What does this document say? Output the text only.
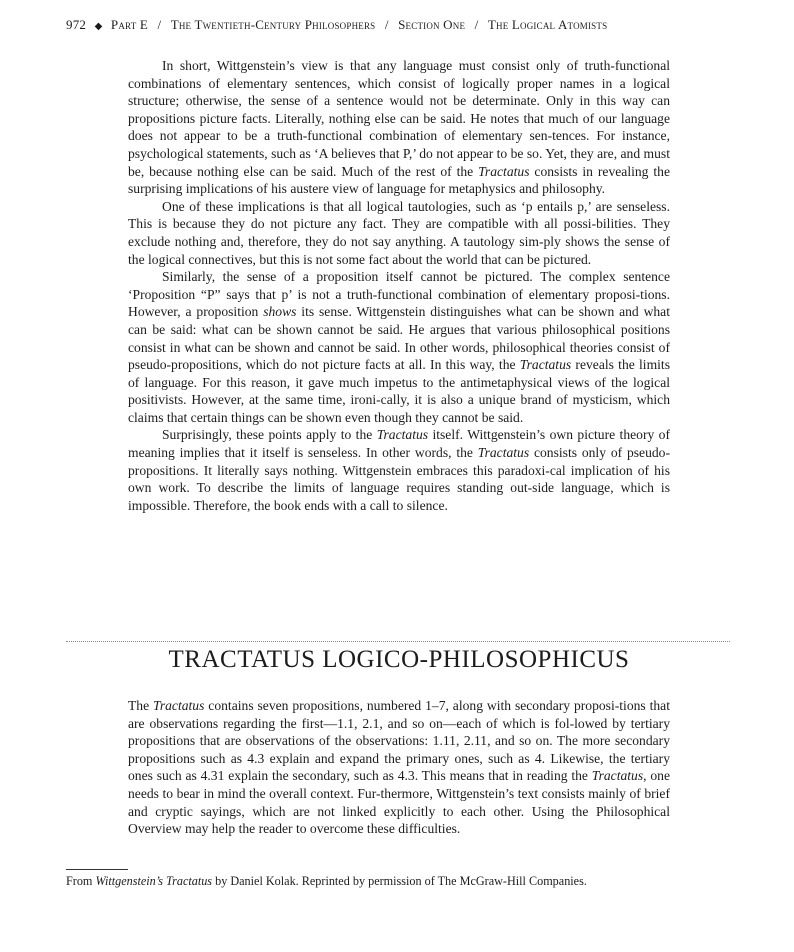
972 ◆ Part E / The Twentieth-Century Philosophers / Section One / The Logical Atomists

In short, Wittgenstein’s view is that any language must consist only of truth-functional combinations of elementary sentences, which consist of logically proper names in a logical structure; otherwise, the sense of a sentence would not be determinate. Only in this way can propositions picture facts. Literally, nothing else can be said. He notes that much of our language does not appear to be a truth-functional combination of elementary sen-tences. For instance, psychological statements, such as ‘A believes that P,’ do not appear to be so. Yet, they are, and must be, because nothing else can be said. Much of the rest of the Tractatus consists in revealing the surprising implications of his austere view of language for metaphysics and philosophy.

One of these implications is that all logical tautologies, such as ‘p entails p,’ are senseless. This is because they do not picture any fact. They are compatible with all possi-bilities. They exclude nothing and, therefore, they do not say anything. A tautology sim-ply shows the sense of the logical connectives, but this is not some fact about the world that can be pictured.

Similarly, the sense of a proposition itself cannot be pictured. The complex sentence ‘Proposition “P” says that p’ is not a truth-functional combination of elementary proposi-tions. However, a proposition shows its sense. Wittgenstein distinguishes what can be shown and what can be said: what can be shown cannot be said. He argues that various philosophical positions consist in what can be shown and cannot be said. In other words, philosophical theories consist of pseudo-propositions, which do not picture facts at all. In this way, the Tractatus reveals the limits of language. For this reason, it gave much impetus to the antimetaphysical views of the logical positivists. However, at the same time, ironi-cally, it is also a unique brand of mysticism, which claims that certain things can be shown even though they cannot be said.

Surprisingly, these points apply to the Tractatus itself. Wittgenstein’s own picture theory of meaning implies that it itself is senseless. In other words, the Tractatus consists only of pseudo-propositions. It literally says nothing. Wittgenstein embraces this paradoxi-cal implication of his own work. To describe the limits of language requires standing out-side language, which is impossible. Therefore, the book ends with a call to silence.

TRACTATUS LOGICO-PHILOSOPHICUS

The Tractatus contains seven propositions, numbered 1–7, along with secondary proposi-tions that are observations regarding the first—1.1, 2.1, and so on—each of which is fol-lowed by tertiary propositions that are observations of the observations: 1.11, 2.11, and so on. The more secondary propositions such as 4.3 explain and expand the primary ones, such as 4. Likewise, the tertiary ones such as 4.31 explain the secondary, such as 4.3. This means that in reading the Tractatus, one needs to bear in mind the overall context. Fur-thermore, Wittgenstein’s text consists mainly of brief and cryptic sayings, which are not linked explicitly to each other. Using the Philosophical Overview may help the reader to overcome these difficulties.

From Wittgenstein’s Tractatus by Daniel Kolak. Reprinted by permission of The McGraw-Hill Companies.
